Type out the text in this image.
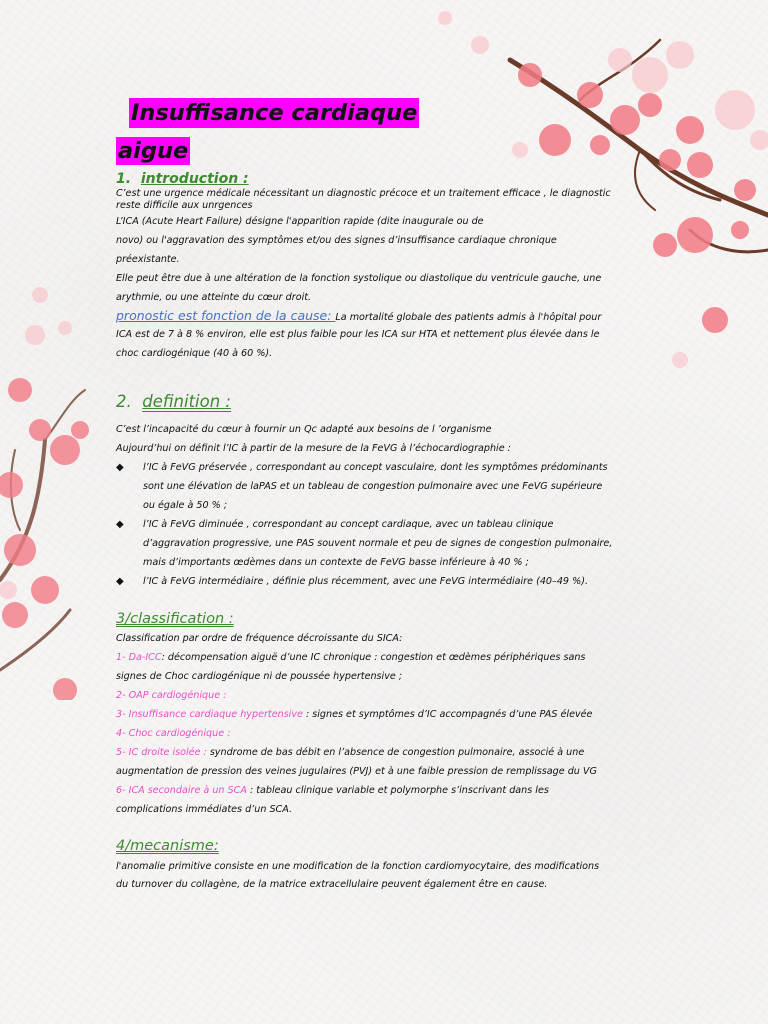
Insuffisance cardiaque
aigue
1. introduction :
C’est une urgence médicale nécessitant un diagnostic précoce et un traitement efficace , le diagnostic
reste difficile aux unrgences
L’ICA (Acute Heart Failure) désigne l'apparition rapide (dite inaugurale ou de
novo) ou l'aggravation des symptômes et/ou des signes d’insuffisance cardiaque chronique
préexistante.
Elle peut être due à une altération de la fonction systolique ou diastolique du ventricule gauche, une
arythmie, ou une atteinte du cœur droit.
pronostic est fonction de la cause: La mortalité globale des patients admis à l'hôpital pour
ICA est de 7 à 8 % environ, elle est plus faible pour les ICA sur HTA et nettement plus élevée dans le
choc cardiogénique (40 à 60 %).
2. definition :
C’est l’incapacité du cœur à fournir un Qc adapté aux besoins de l ’organisme
Aujourd’hui on définit l’IC à partir de la mesure de la FeVG à l’échocardiographie :
◆ l’IC à FeVG préservée , correspondant au concept vasculaire, dont les symptômes prédominants
sont une élévation de laPAS et un tableau de congestion pulmonaire avec une FeVG supérieure
ou égale à 50 % ;
◆ l’IC à FeVG diminuée , correspondant au concept cardiaque, avec un tableau clinique
d’aggravation progressive, une PAS souvent normale et peu de signes de congestion pulmonaire,
mais d’importants œdèmes dans un contexte de FeVG basse inférieure à 40 % ;
◆ l’IC à FeVG intermédiaire , définie plus récemment, avec une FeVG intermédiaire (40–49 %).
3/classification :
Classification par ordre de fréquence décroissante du SICA:
1- Da-ICC: décompensation aiguë d’une IC chronique : congestion et œdèmes périphériques sans
signes de Choc cardiogénique ni de poussée hypertensive ;
2- OAP cardiogénique :
3- Insuffisance cardiaque hypertensive : signes et symptômes d’IC accompagnés d’une PAS élevée
4- Choc cardiogénique :
5- IC droite isolée : syndrome de bas débit en l’absence de congestion pulmonaire, associé à une
augmentation de pression des veines jugulaires (PVJ) et à une faible pression de remplissage du VG
6- ICA secondaire à un SCA : tableau clinique variable et polymorphe s’inscrivant dans les
complications immédiates d’un SCA.
4/mecanisme:
l'anomalie primitive consiste en une modification de la fonction cardiomyocytaire, des modifications
du turnover du collagène, de la matrice extracellulaire peuvent également être en cause.
